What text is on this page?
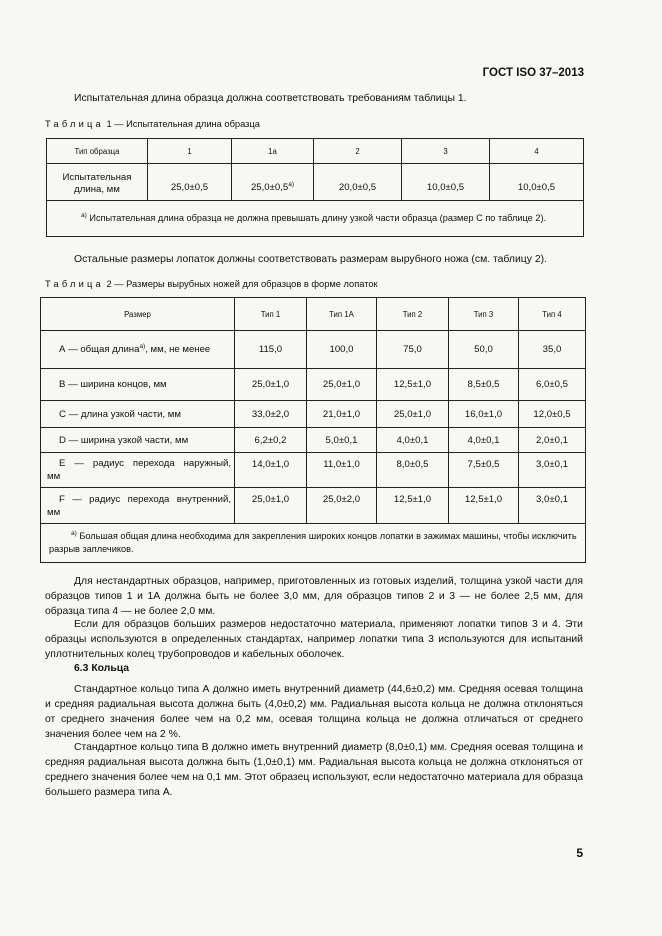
ГОСТ ISO 37–2013
Испытательная длина образца должна соответствовать требованиям таблицы 1.
Таблица 1 — Испытательная длина образца
Тип образца	1	1а	2	3	4
Испытательная длина, мм	25,0±0,5	$25,0\pm 0,5^{а)}$	20,0±0,5	10,0±0,5	10,0±0,5
$^{а)}$ Испытательная длина образца не должна превышать длину узкой части образца (размер С по таблице 2).					
Остальные размеры лопаток должны соответствовать размерам вырубного ножа (см. таблицу 2).
Таблица 2 — Размеры вырубных ножей для образцов в форме лопаток
Размер	Тип 1	Тип 1А	Тип 2	Тип 3	Тип 4
А — общая длина$^{а)}$, мм, не менее	115,0	100,0	75,0	50,0	35,0
В — ширина концов, мм	25,0±1,0	25,0±1,0	12,5±1,0	8,5±0,5	6,0±0,5
С — длина узкой части, мм	33,0±2,0	21,0±1,0	25,0±1,0	16,0±1,0	12,0±0,5
D — ширина узкой части, мм	6,2±0,2	5,0±0,1	4,0±0,1	4,0±0,1	2,0±0,1

Е — радиус перехода наружный,
мм	14,0±1,0	11,0±1,0	8,0±0,5	7,5±0,5	3,0±0,1

F — радиус перехода внутренний,
мм	25,0±1,0	25,0±2,0	12,5±1,0	12,5±1,0	3,0±0,1
$^{а)}$ Большая общая длина необходима для закрепления широких концов лопатки в зажимах машины, чтобы исключить разрыв заплечиков.					
Для нестандартных образцов, например, приготовленных из готовых изделий, толщина узкой части для образцов типов 1 и 1А должна быть не более 3,0 мм, для образцов типов 2 и 3 — не более 2,5 мм, для образца типа 4 — не более 2,0 мм.
Если для образцов больших размеров недостаточно материала, применяют лопатки типов 3 и 4. Эти образцы используются в определенных стандартах, например лопатки типа 3 используются для испытаний уплотнительных колец трубопроводов и кабельных оболочек.
6.3 Кольца
Стандартное кольцо типа А должно иметь внутренний диаметр (44,6±0,2) мм. Средняя осевая толщина и средняя радиальная высота должна быть (4,0±0,2) мм. Радиальная высота кольца не должна отклоняться от среднего значения более чем на 0,2 мм, осевая толщина кольца не должна отличаться от среднего значения более чем на 2 %.
Стандартное кольцо типа В должно иметь внутренний диаметр (8,0±0,1) мм. Средняя осевая толщина и средняя радиальная высота должна быть (1,0±0,1) мм. Радиальная высота кольца не должна отклоняться от среднего значения более чем на 0,1 мм. Этот образец используют, если недостаточно материала для образца большего размера типа А.
5
